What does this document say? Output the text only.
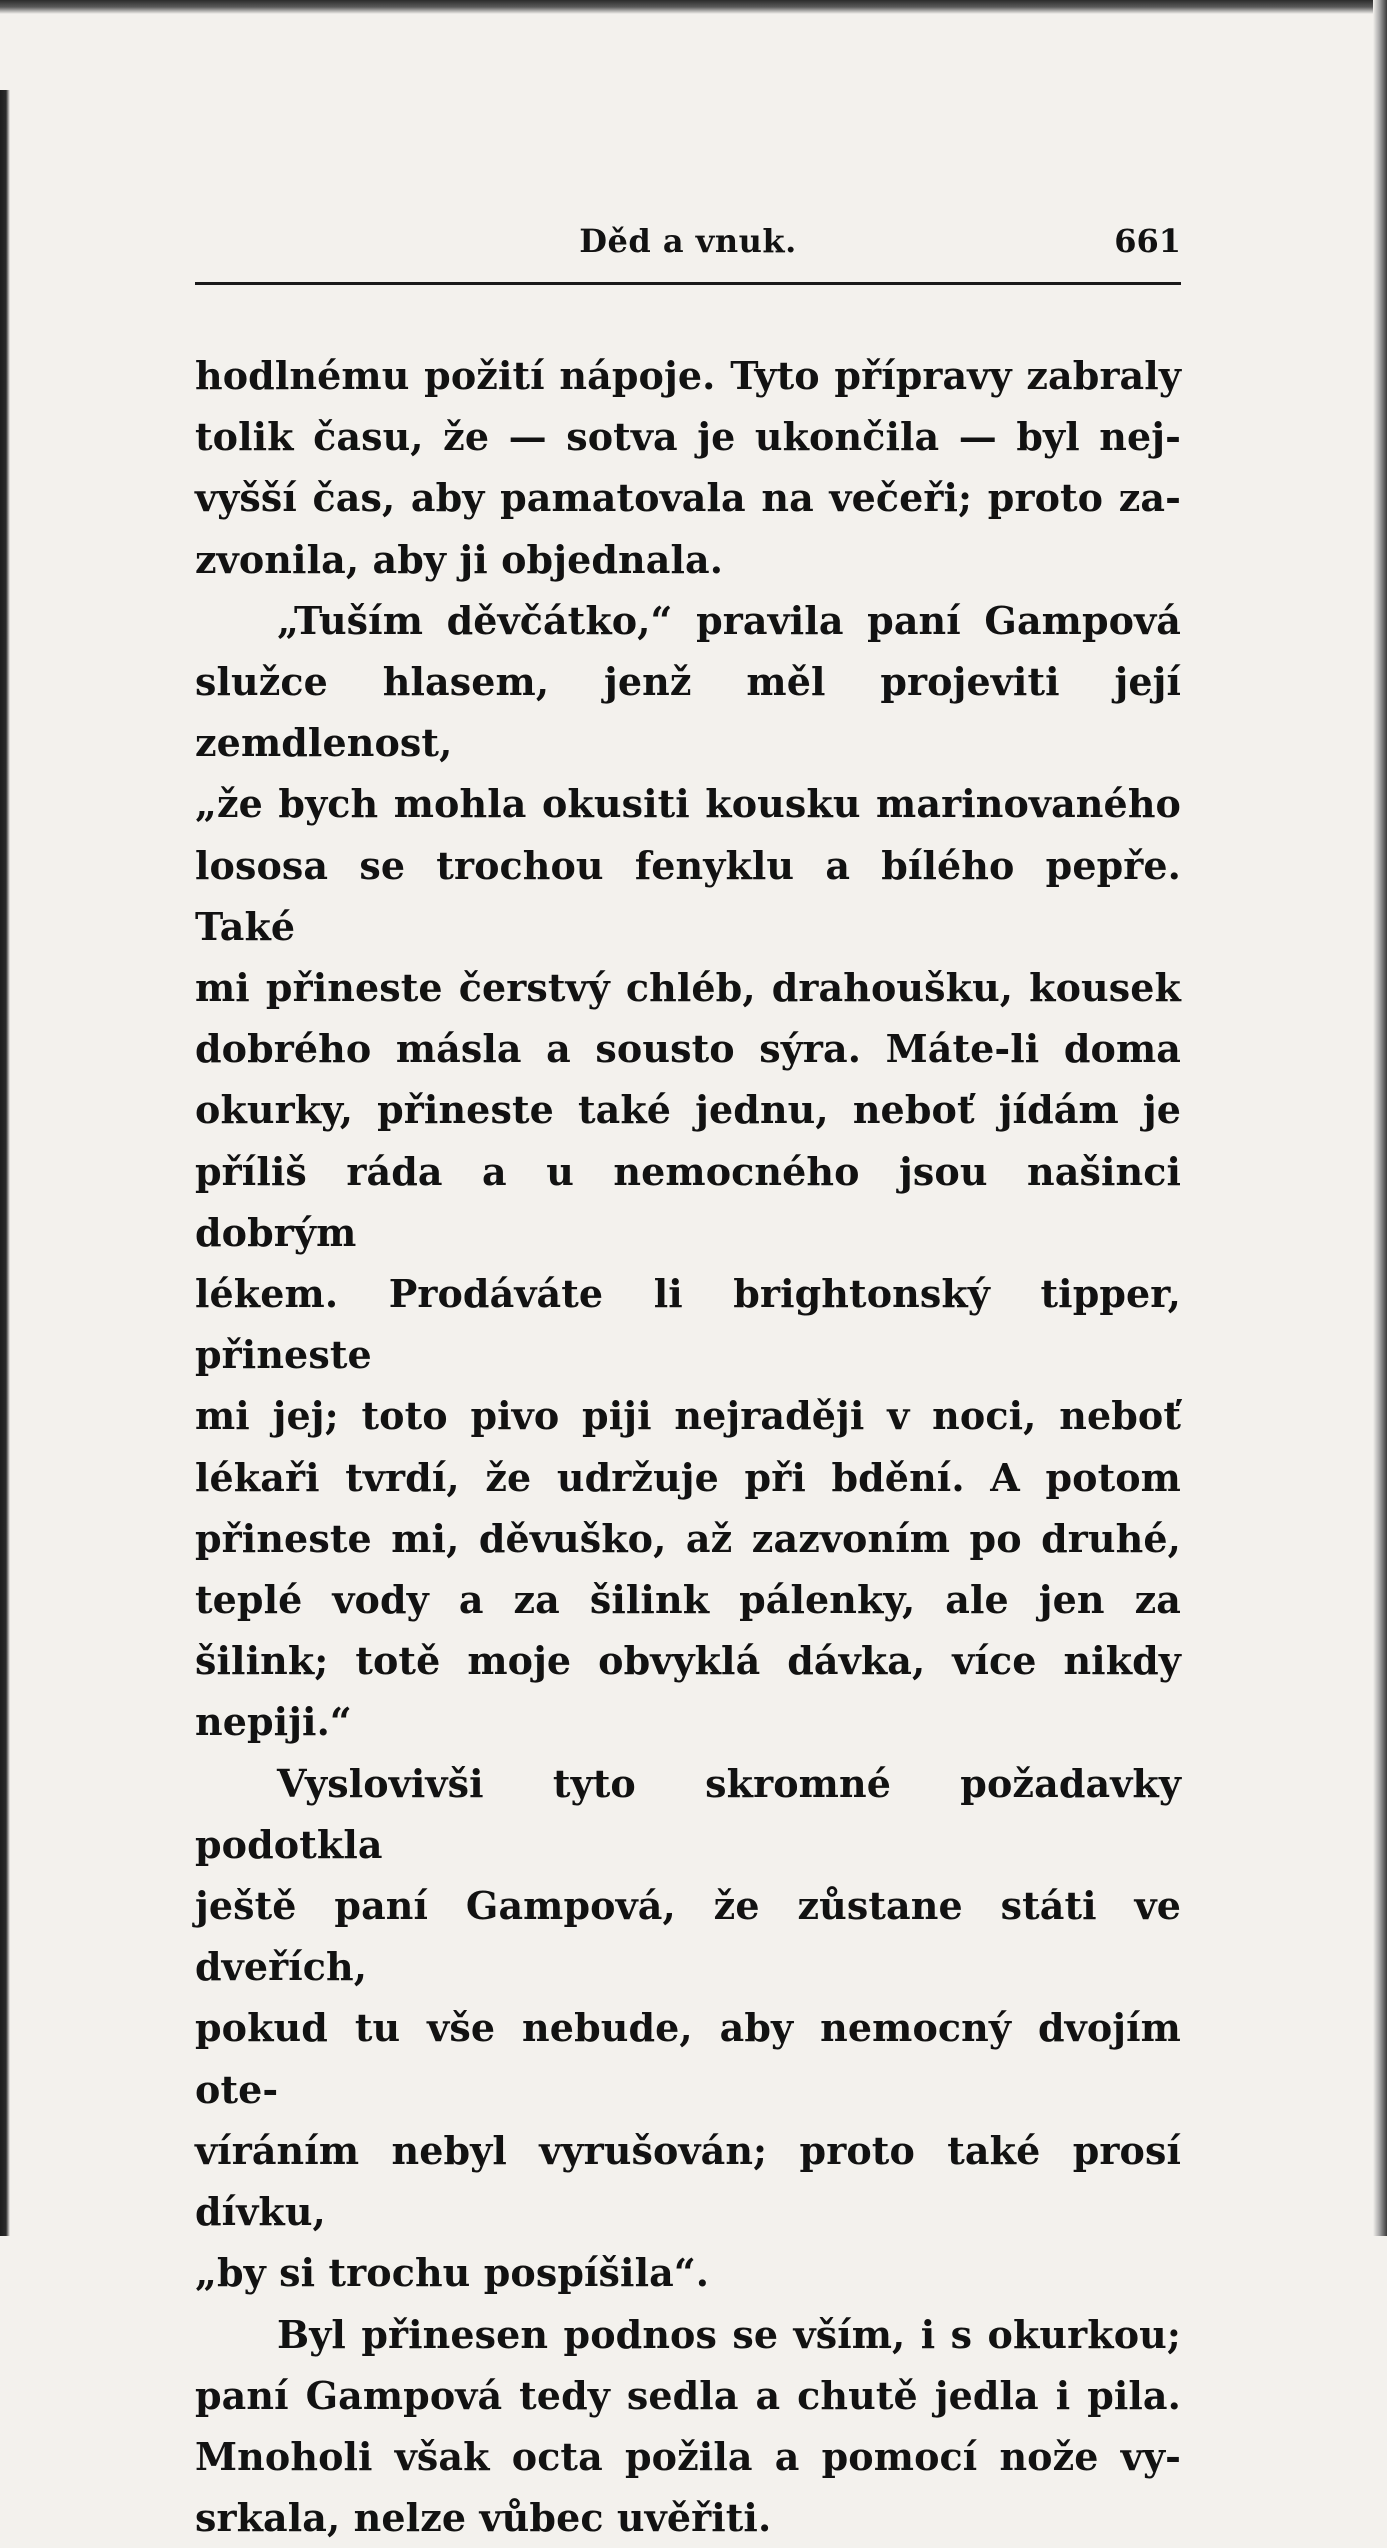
Děd a vnuk.	661

hodlnému požití nápoje. Tyto přípravy zabraly

tolik času, že — sotva je ukončila — byl nej-

vyšší čas, aby pamatovala na večeři; proto za-

zvonila, aby ji objednala.

„Tuším děvčátko,“ pravila paní Gampová

služce hlasem, jenž měl projeviti její zemdlenost,

„že bych mohla okusiti kousku marinovaného

lososa se trochou fenyklu a bílého pepře. Také

mi přineste čerstvý chléb, drahoušku, kousek

dobrého másla a sousto sýra. Máte-li doma

okurky, přineste také jednu, neboť jídám je

příliš ráda a u nemocného jsou našinci dobrým

lékem. Prodáváte li brightonský tipper, přineste

mi jej; toto pivo piji nejraději v noci, neboť

lékaři tvrdí, že udržuje při bdění. A potom

přineste mi, děvuško, až zazvoním po druhé,

teplé vody a za šilink pálenky, ale jen za

šilink; totě moje obvyklá dávka, více nikdy

nepiji.“

Vyslovivši tyto skromné požadavky podotkla

ještě paní Gampová, že zůstane státi ve dveřích,

pokud tu vše nebude, aby nemocný dvojím ote-

víráním nebyl vyrušován; proto také prosí dívku,

„by si trochu pospíšila“.

Byl přinesen podnos se vším, i s okurkou;

paní Gampová tedy sedla a chutě jedla i pila.

Mnoholi však octa požila a pomocí nože vy-

srkala, nelze vůbec uvěřiti.
